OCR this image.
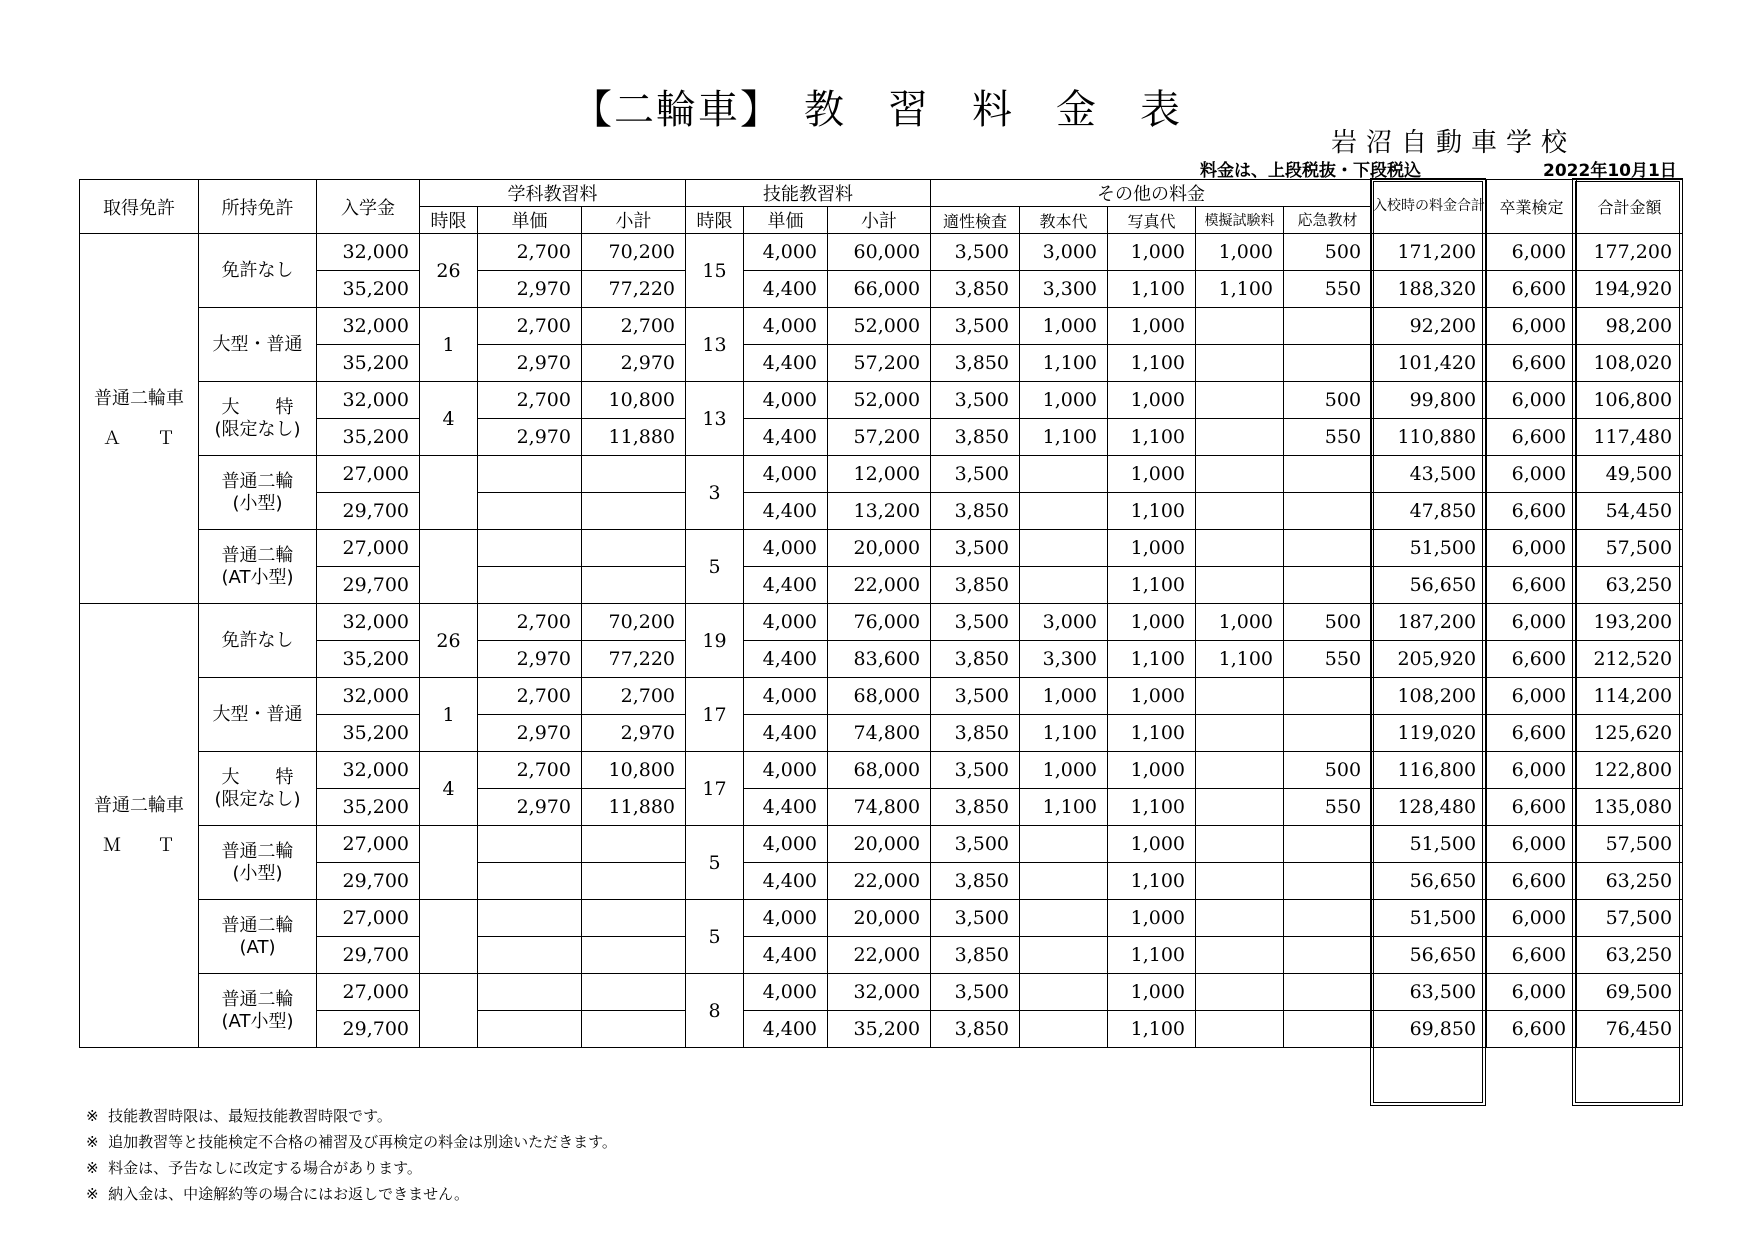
【二輪車】　教　習　料　金　表
岩沼自動車学校
料金は、上段税抜・下段税込	2022年10月1日
取得免許	所持免許	入学金	学科教習料			技能教習料			その他の料金					入校時の料金合計	卒業検定	合計金額
			時限	単価	小計	時限	単価	小計	適性検査	教本代	写真代	模擬試験料	応急教材			

普通二輪車
Ａ　　Ｔ	免許なし	32,000	26	2,700	70,200	15	4,000	60,000	3,500	3,000	1,000	1,000	500	171,200	6,000	177,200
		35,200		2,970	77,220		4,400	66,000	3,850	3,300	1,100	1,100	550	188,320	6,600	194,920

	大型・普通	32,000	1	2,700	2,700	13	4,000	52,000	3,500	1,000	1,000			92,200	6,000	98,200
		35,200		2,970	2,970		4,400	57,200	3,850	1,100	1,100			101,420	6,600	108,020

	大　　特
(限定なし)	32,000	4	2,700	10,800	13	4,000	52,000	3,500	1,000	1,000		500	99,800	6,000	106,800
		35,200		2,970	11,880		4,400	57,200	3,850	1,100	1,100		550	110,880	6,600	117,480

	普通二輪
(小型)	27,000				3	4,000	12,000	3,500		1,000			43,500	6,000	49,500
		29,700					4,400	13,200	3,850		1,100			47,850	6,600	54,450

	普通二輪
(AT小型)	27,000				5	4,000	20,000	3,500		1,000			51,500	6,000	57,500
		29,700					4,400	22,000	3,850		1,100			56,650	6,600	63,250

普通二輪車
Ｍ　　Ｔ	免許なし	32,000	26	2,700	70,200	19	4,000	76,000	3,500	3,000	1,000	1,000	500	187,200	6,000	193,200
		35,200		2,970	77,220		4,400	83,600	3,850	3,300	1,100	1,100	550	205,920	6,600	212,520

	大型・普通	32,000	1	2,700	2,700	17	4,000	68,000	3,500	1,000	1,000			108,200	6,000	114,200
		35,200		2,970	2,970		4,400	74,800	3,850	1,100	1,100			119,020	6,600	125,620

	大　　特
(限定なし)	32,000	4	2,700	10,800	17	4,000	68,000	3,500	1,000	1,000		500	116,800	6,000	122,800
		35,200		2,970	11,880		4,400	74,800	3,850	1,100	1,100		550	128,480	6,600	135,080

	普通二輪
(小型)	27,000				5	4,000	20,000	3,500		1,000			51,500	6,000	57,500
		29,700					4,400	22,000	3,850		1,100			56,650	6,600	63,250

	普通二輪
(AT)	27,000				5	4,000	20,000	3,500		1,000			51,500	6,000	57,500
		29,700					4,400	22,000	3,850		1,100			56,650	6,600	63,250

	普通二輪
(AT小型)	27,000				8	4,000	32,000	3,500		1,000			63,500	6,000	69,500
		29,700					4,400	35,200	3,850		1,100			69,850	6,600	76,450
※  技能教習時限は、最短技能教習時限です。
※  追加教習等と技能検定不合格の補習及び再検定の料金は別途いただきます。
※  料金は、予告なしに改定する場合があります。
※  納入金は、中途解約等の場合にはお返しできません。
